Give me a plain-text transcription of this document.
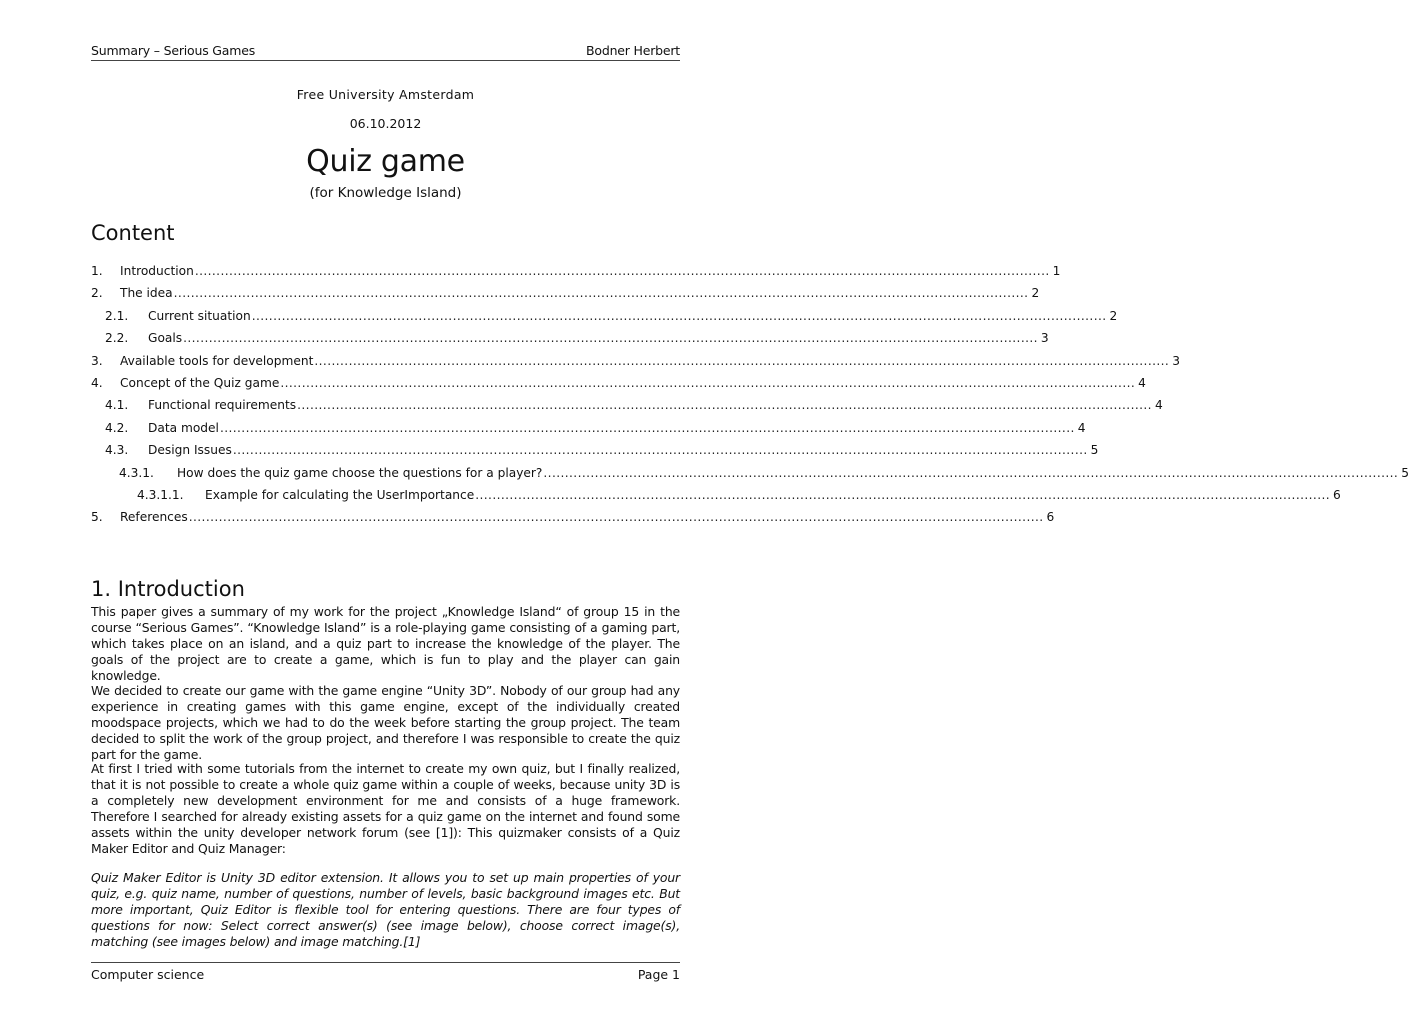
Summary – Serious Games	Bodner Herbert
Free University Amsterdam
06.10.2012
Quiz game
(for Knowledge Island)
Content
1. Introduction ........................................................................................................................................................................................................ 1
2. The idea ........................................................................................................................................................................................................ 2
2.1. Current situation ........................................................................................................................................................................................................ 2
2.2. Goals ........................................................................................................................................................................................................ 3
3. Available tools for development ........................................................................................................................................................................................................ 3
4. Concept of the Quiz game ........................................................................................................................................................................................................ 4
4.1. Functional requirements ........................................................................................................................................................................................................ 4
4.2. Data model ........................................................................................................................................................................................................ 4
4.3. Design Issues ........................................................................................................................................................................................................ 5
4.3.1. How does the quiz game choose the questions for a player? ........................................................................................................................................................................................................ 5
4.3.1.1. Example for calculating the UserImportance ........................................................................................................................................................................................................ 6
5. References ........................................................................................................................................................................................................ 6
1. Introduction
This paper gives a summary of my work for the project „Knowledge Island“ of group 15 in the course “Serious Games”. “Knowledge Island” is a role-playing game consisting of a gaming part, which takes place on an island, and a quiz part to increase the knowledge of the player. The goals of the project are to create a game, which is fun to play and the player can gain knowledge.
We decided to create our game with the game engine “Unity 3D”. Nobody of our group had any experience in creating games with this game engine, except of the individually created moodspace projects, which we had to do the week before starting the group project. The team decided to split the work of the group project, and therefore I was responsible to create the quiz part for the game.
At first I tried with some tutorials from the internet to create my own quiz, but I finally realized, that it is not possible to create a whole quiz game within a couple of weeks, because unity 3D is a completely new development environment for me and consists of a huge framework. Therefore I searched for already existing assets for a quiz game on the internet and found some assets within the unity developer network forum (see [1]): This quizmaker consists of a Quiz Maker Editor and Quiz Manager:
Quiz Maker Editor is Unity 3D editor extension. It allows you to set up main properties of your quiz, e.g. quiz name, number of questions, number of levels, basic background images etc. But more important, Quiz Editor is flexible tool for entering questions. There are four types of questions for now: Select correct answer(s) (see image below), choose correct image(s), matching (see images below) and image matching.[1]
Computer science	Page 1
